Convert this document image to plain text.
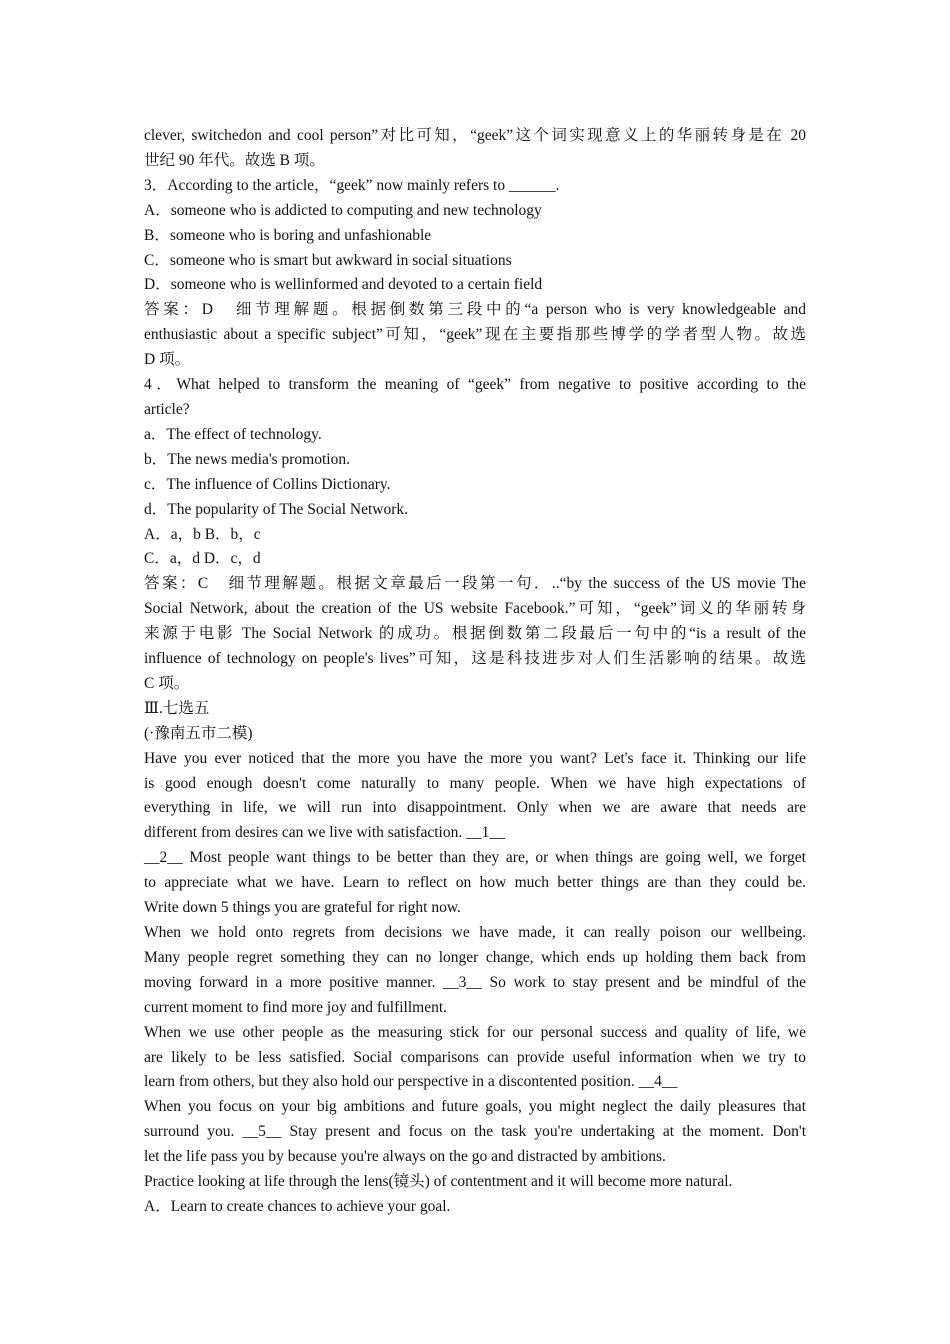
clever, switchedon and cool person”对比可知，“geek”这个词实现意义上的华丽转身是在 20
世纪 90 年代。故选 B 项。
3．According to the article，“geek” now mainly refers to ______.
A．someone who is addicted to computing and new technology
B．someone who is boring and unfashionable
C．someone who is smart but awkward in social situations
D．someone who is wellinformed and devoted to a certain field
答案：D　细节理解题。根据倒数第三段中的“a person who is very knowledgeable and
enthusiastic about a specific subject”可知，“geek”现在主要指那些博学的学者型人物。故选
D 项。
4．What helped to transform the meaning of “geek” from negative to positive according to the
article?
a．The effect of technology.
b．The news media's promotion.
c．The influence of Collins Dictionary.
d．The popularity of The Social Network.
A．a，b B．b，c
C．a，d D．c，d
答案：C　细节理解题。根据文章最后一段第一句．..“by the success of the US movie The
Social Network, about the creation of the US website Facebook.”可知，“geek”词义的华丽转身
来源于电影 The Social Network 的成功。根据倒数第二段最后一句中的“is a result of the
influence of technology on people's lives”可知，这是科技进步对人们生活影响的结果。故选
C 项。
Ⅲ.七选五
(·豫南五市二模)
Have you ever noticed that the more you have the more you want? Let's face it. Thinking our life
is good enough doesn't come naturally to many people. When we have high expectations of
everything in life, we will run into disappointment. Only when we are aware that needs are
different from desires can we live with satisfaction. __1__
__2__ Most people want things to be better than they are, or when things are going well, we forget
to appreciate what we have. Learn to reflect on how much better things are than they could be.
Write down 5 things you are grateful for right now.
When we hold onto regrets from decisions we have made, it can really poison our wellbeing.
Many people regret something they can no longer change, which ends up holding them back from
moving forward in a more positive manner. __3__ So work to stay present and be mindful of the
current moment to find more joy and fulfillment.
When we use other people as the measuring stick for our personal success and quality of life, we
are likely to be less satisfied. Social comparisons can provide useful information when we try to
learn from others, but they also hold our perspective in a discontented position. __4__
When you focus on your big ambitions and future goals, you might neglect the daily pleasures that
surround you. __5__ Stay present and focus on the task you're undertaking at the moment. Don't
let the life pass you by because you're always on the go and distracted by ambitions.
Practice looking at life through the lens(镜头) of contentment and it will become more natural.
A．Learn to create chances to achieve your goal.
